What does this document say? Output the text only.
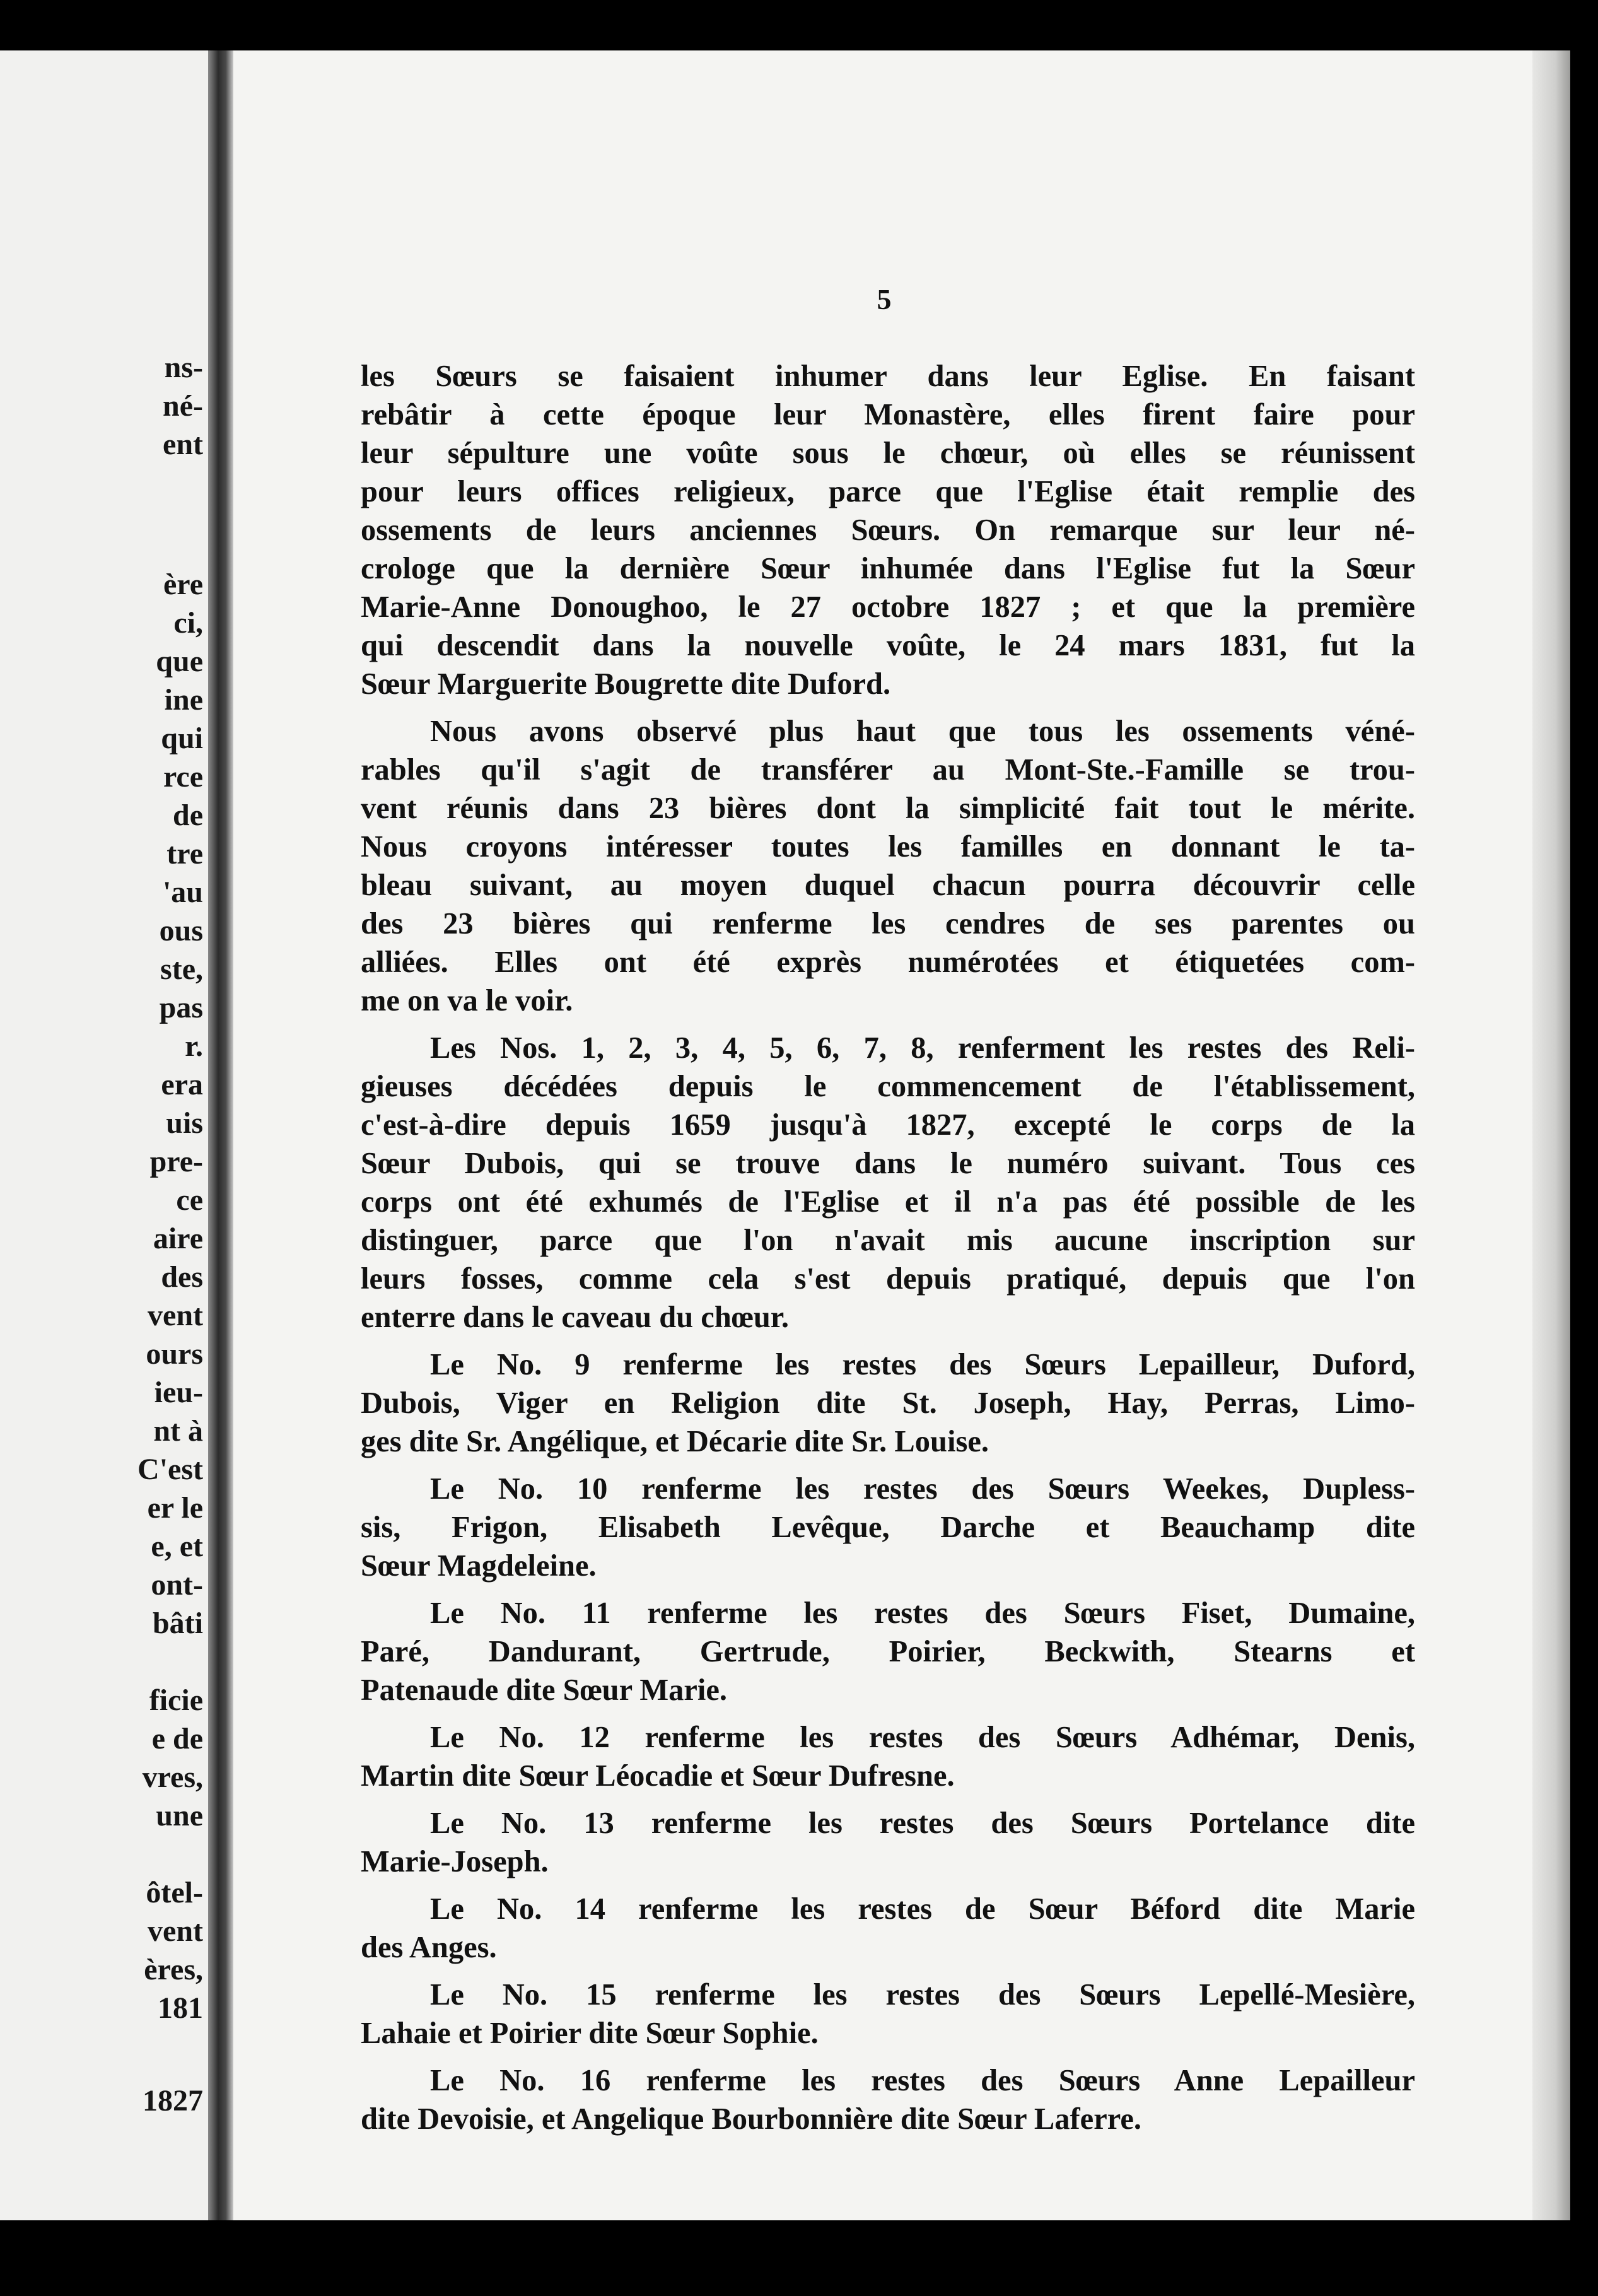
ns-
né-
ent
ère
ci,
que
ine
qui
rce
de
tre
'au
ous
ste,
pas
r.
era
uis
pre-
ce
aire
des
vent
ours
ieu-
nt à
C'est
er le
e, et
ont-
bâti
ficie
e de
vres,
une
ôtel-
vent
ères,
181
1827
5

les Sœurs se faisaient inhumer dans leur Eglise. En faisant
rebâtir à cette époque leur Monastère, elles firent faire pour
leur sépulture une voûte sous le chœur, où elles se réunissent
pour leurs offices religieux, parce que l'Eglise était remplie des
ossements de leurs anciennes Sœurs. On remarque sur leur né-
crologe que la dernière Sœur inhumée dans l'Eglise fut la Sœur
Marie-Anne Donoughoo, le 27 octobre 1827 ; et que la première
qui descendit dans la nouvelle voûte, le 24 mars 1831, fut la
Sœur Marguerite Bougrette dite Duford.

Nous avons observé plus haut que tous les ossements véné-
rables qu'il s'agit de transférer au Mont-Ste.-Famille se trou-
vent réunis dans 23 bières dont la simplicité fait tout le mérite.
Nous croyons intéresser toutes les familles en donnant le ta-
bleau suivant, au moyen duquel chacun pourra découvrir celle
des 23 bières qui renferme les cendres de ses parentes ou
alliées. Elles ont été exprès numérotées et étiquetées com-
me on va le voir.

Les Nos. 1, 2, 3, 4, 5, 6, 7, 8, renferment les restes des Reli-
gieuses décédées depuis le commencement de l'établissement,
c'est-à-dire depuis 1659 jusqu'à 1827, excepté le corps de la
Sœur Dubois, qui se trouve dans le numéro suivant. Tous ces
corps ont été exhumés de l'Eglise et il n'a pas été possible de les
distinguer, parce que l'on n'avait mis aucune inscription sur
leurs fosses, comme cela s'est depuis pratiqué, depuis que l'on
enterre dans le caveau du chœur.

Le No. 9 renferme les restes des Sœurs Lepailleur, Duford,
Dubois, Viger en Religion dite St. Joseph, Hay, Perras, Limo-
ges dite Sr. Angélique, et Décarie dite Sr. Louise.

Le No. 10 renferme les restes des Sœurs Weekes, Dupless-
sis, Frigon, Elisabeth Levêque, Darche et Beauchamp dite
Sœur Magdeleine.

Le No. 11 renferme les restes des Sœurs Fiset, Dumaine,
Paré, Dandurant, Gertrude, Poirier, Beckwith, Stearns et
Patenaude dite Sœur Marie.

Le No. 12 renferme les restes des Sœurs Adhémar, Denis,
Martin dite Sœur Léocadie et Sœur Dufresne.

Le No. 13 renferme les restes des Sœurs Portelance dite
Marie-Joseph.

Le No. 14 renferme les restes de Sœur Béford dite Marie
des Anges.

Le No. 15 renferme les restes des Sœurs Lepellé-Mesière,
Lahaie et Poirier dite Sœur Sophie.

Le No. 16 renferme les restes des Sœurs Anne Lepailleur
dite Devoisie, et Angelique Bourbonnière dite Sœur Laferre.
